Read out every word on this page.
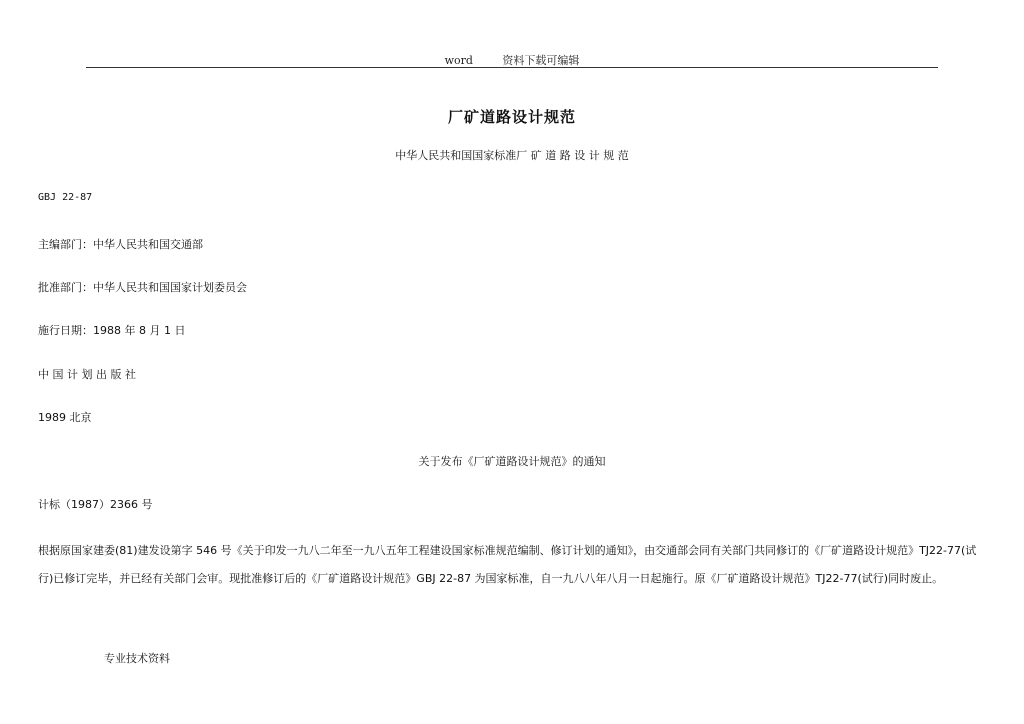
word	资料下载可编辑
厂矿道路设计规范
中华人民共和国国家标准厂 矿 道 路 设 计 规 范
GBJ 22-87
主编部门：中华人民共和国交通部
批准部门：中华人民共和国国家计划委员会
施行日期：1988 年 8 月 1 日
中 国 计 划 出 版 社
1989 北京
关于发布《厂矿道路设计规范》的通知
计标（1987）2366 号
根据原国家建委(81)建发设第字 546 号《关于印发一九八二年至一九八五年工程建设国家标准规范编制、修订计划的通知》，由交通部会同有关部门共同修订的《厂矿道路设计规范》TJ22-77(试行)已修订完毕，并已经有关部门会审。现批准修订后的《厂矿道路设计规范》GBJ 22-87 为国家标准，自一九八八年八月一日起施行。原《厂矿道路设计规范》TJ22-77(试行)同时废止。
专业技术资料
